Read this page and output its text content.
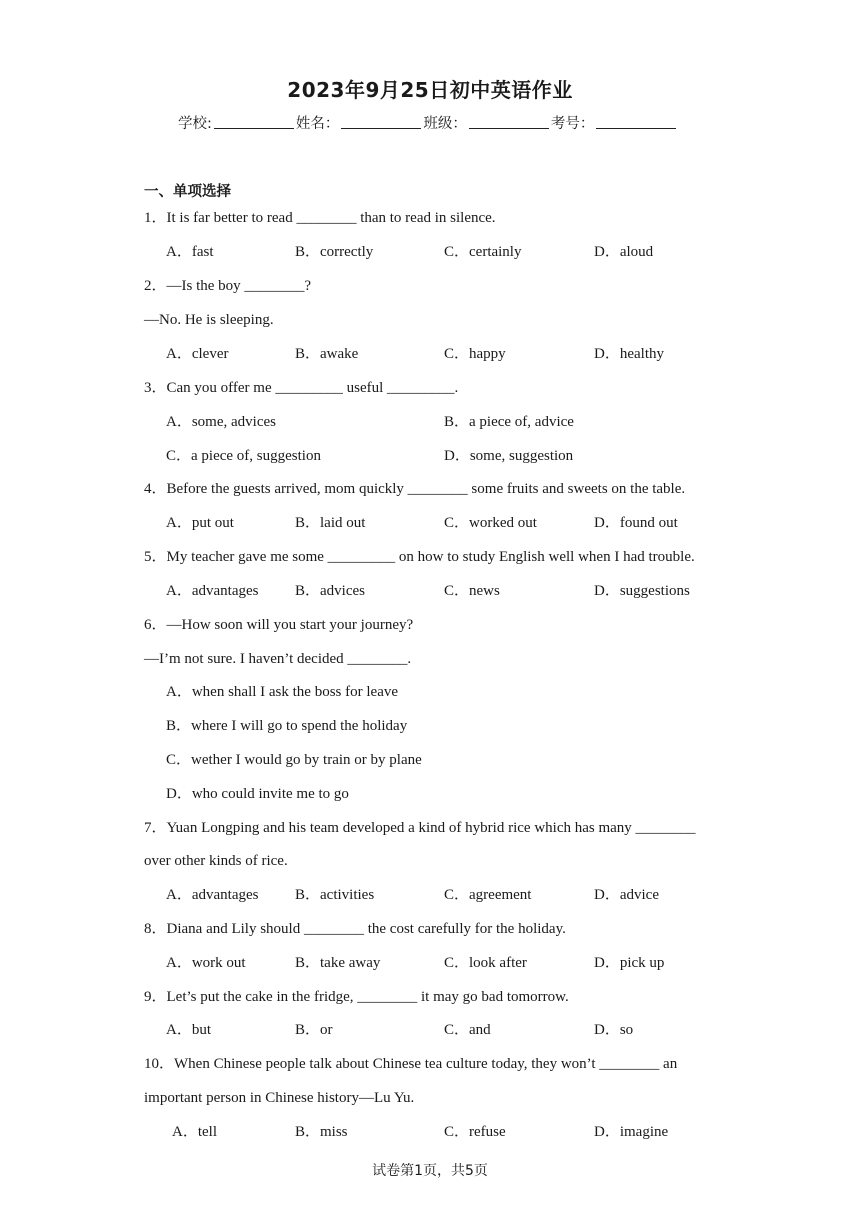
2023年9月25日初中英语作业
学校:	姓名：	班级：	考号：
一、单项选择
1．It is far better to read ________ than to read in silence.
A．fast	B．correctly	C．certainly	D．aloud
2．—Is the boy ________?
—No. He is sleeping.
A．clever	B．awake	C．happy	D．healthy
3．Can you offer me _________ useful _________.
A．some, advices	B．a piece of, advice
C．a piece of, suggestion	D．some, suggestion
4．Before the guests arrived, mom quickly ________ some fruits and sweets on the table.
A．put out	B．laid out	C．worked out	D．found out
5．My teacher gave me some _________ on how to study English well when I had trouble.
A．advantages B．advices	C．news	D．suggestions
6．—How soon will you start your journey?
—I’m not sure. I haven’t decided ________.
A．when shall I ask the boss for leave
B．where I will go to spend the holiday
C．wether I would go by train or by plane
D．who could invite me to go
7．Yuan Longping and his team developed a kind of hybrid rice which has many ________
over other kinds of rice.
A．advantages B．activities	C．agreement	D．advice
8．Diana and Lily should ________ the cost carefully for the holiday.
A．work out	B．take away	C．look after	D．pick up
9．Let’s put the cake in the fridge, ________ it may go bad tomorrow.
A．but	B．or	C．and	D．so
10．When Chinese people talk about Chinese tea culture today, they won’t ________ an
important person in Chinese history—Lu Yu.
A．tell	B．miss	C．refuse	D．imagine
试卷第1页，共5页
